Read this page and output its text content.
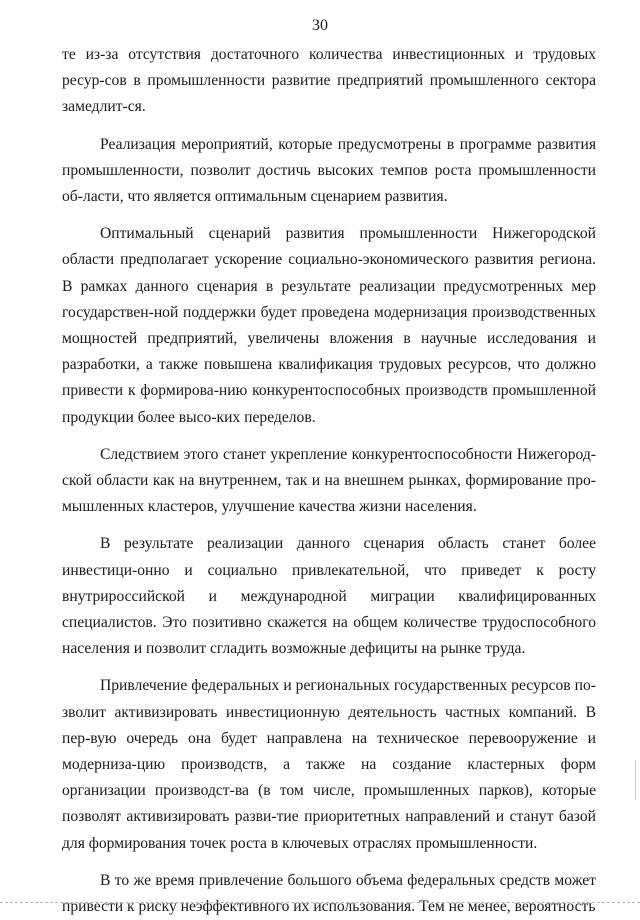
30

те из-за отсутствия достаточного количества инвестиционных и трудовых ресур-сов в промышленности развитие предприятий промышленного сектора замедлит-ся.

Реализация мероприятий, которые предусмотрены в программе развития промышленности, позволит достичь высоких темпов роста промышленности об-ласти, что является оптимальным сценарием развития.

Оптимальный сценарий развития промышленности Нижегородской области предполагает ускорение социально-экономического развития региона. В рамках данного сценария в результате реализации предусмотренных мер государствен-ной поддержки будет проведена модернизация производственных мощностей предприятий, увеличены вложения в научные исследования и разработки, а также повышена квалификация трудовых ресурсов, что должно привести к формирова-нию конкурентоспособных производств промышленной продукции более высо-ких переделов.

Следствием этого станет укрепление конкурентоспособности Нижегород-ской области как на внутреннем, так и на внешнем рынках, формирование про-мышленных кластеров, улучшение качества жизни населения.

В результате реализации данного сценария область станет более инвестици-онно и социально привлекательной, что приведет к росту внутрироссийской и международной миграции квалифицированных специалистов. Это позитивно скажется на общем количестве трудоспособного населения и позволит сгладить возможные дефициты на рынке труда.

Привлечение федеральных и региональных государственных ресурсов по-зволит активизировать инвестиционную деятельность частных компаний. В пер-вую очередь она будет направлена на техническое перевооружение и модерниза-цию производств, а также на создание кластерных форм организации производст-ва (в том числе, промышленных парков), которые позволят активизировать разви-тие приоритетных направлений и станут базой для формирования точек роста в ключевых отраслях промышленности.

В то же время привлечение большого объема федеральных средств может привести к риску неэффективного их использования. Тем не менее, вероятность
